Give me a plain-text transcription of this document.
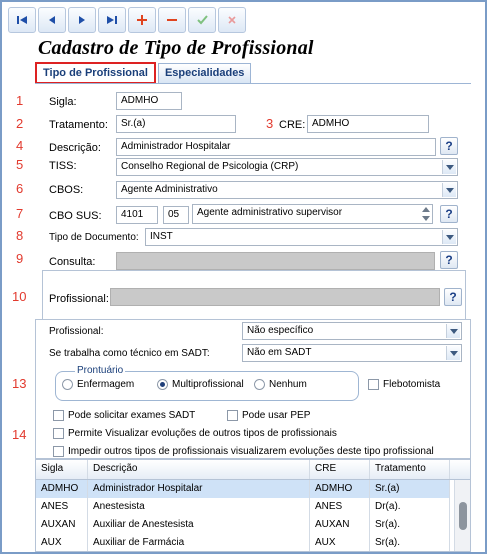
Cadastro de Tipo de Profissional
Tipo de Profissional	Especialidades
1
2	3
4
5
6
7
8
9
10
13
14
Sigla:	ADMHO
Tratamento:	Sr.(a)	CRE: ADMHO
Descrição:	Administrador Hospitalar	?
TISS:	Conselho Regional de Psicologia (CRP)
CBOS:	Agente Administrativo
CBO SUS:	4101	05	Agente administrativo supervisor	?
Tipo de Documento:	INST
Consulta:	?
Profissional:	?
Profissional:	Não específico
Se trabalha como técnico em SADT:	Não em SADT
Prontuário
Enfermagem	Multiprofissional	Nenhum	Flebotomista
Pode solicitar exames SADT	Pode usar PEP
Permite Visualizar evoluções de outros tipos de profissionais
Impedir outros tipos de profissionais visualizarem evoluções deste tipo profissional
Sigla	Descrição	CRE	Tratamento
ADMHO	Administrador Hospitalar	ADMHO	Sr.(a)
ANES	Anestesista	ANES	Dr(a).
AUXAN	Auxiliar de Anestesista	AUXAN	Sr(a).
AUX	Auxiliar de Farmácia	AUX	Sr(a).
